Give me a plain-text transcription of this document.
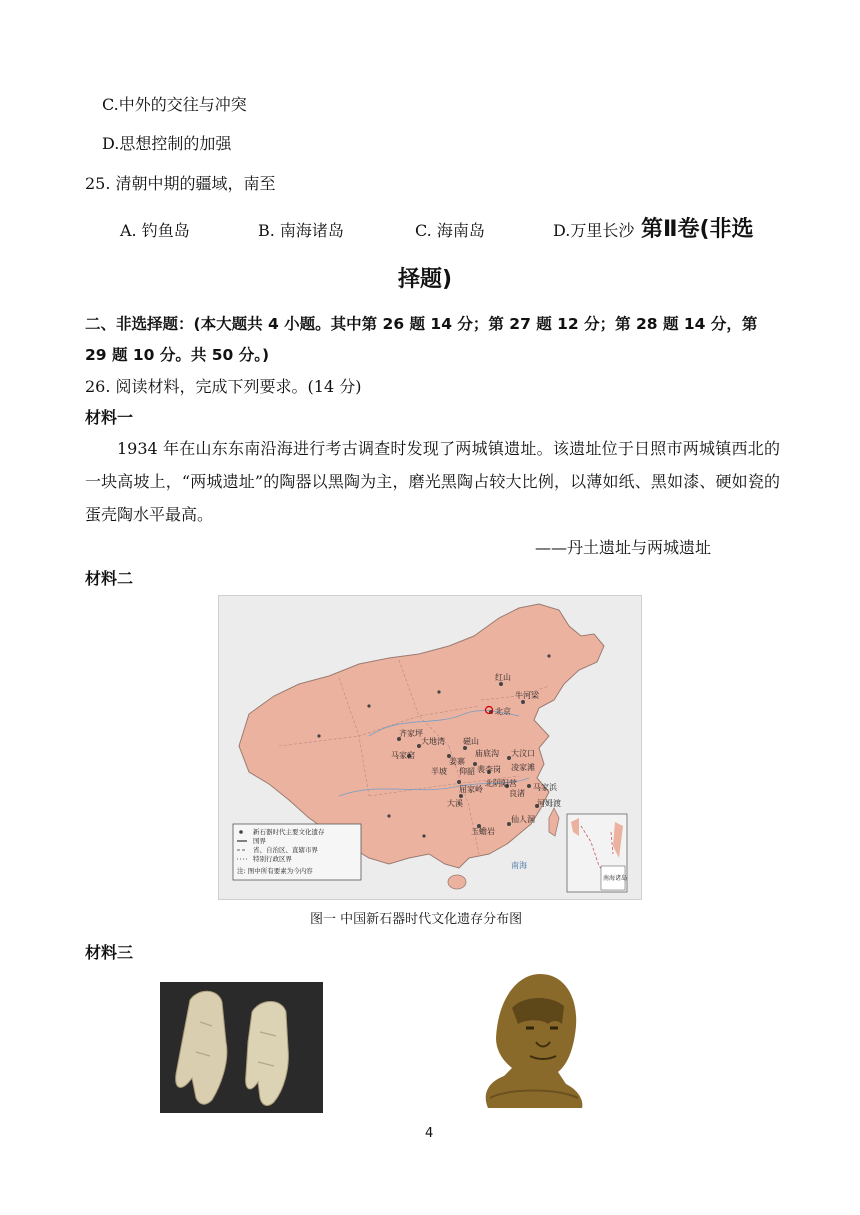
C.中外的交往与冲突
D.思想控制的加强
25. 清朝中期的疆域，南至
A. 钓鱼岛	B. 南海诸岛	C. 海南岛	D.万里长沙 第Ⅱ卷(非选
择题)
二、非选择题：(本大题共 4 小题。其中第 26 题 14 分；第 27 题 12 分；第 28 题 14 分，第
29 题 10 分。共 50 分。)
26. 阅读材料，完成下列要求。(14 分)
材料一
1934 年在山东东南沿海进行考古调查时发现了两城镇遗址。该遗址位于日照市两城镇西北的一块高坡上，“两城遗址”的陶器以黑陶为主，磨光黑陶占较大比例，以薄如纸、黑如漆、硬如瓷的蛋壳陶水平最高。
——丹土遗址与两城遗址
材料二
红山
牛河梁
北京
齐家坪
大地湾
马家窑
磁山
姜寨
半坡 仰韶 裴李岗
庙底沟 大汶口
凌家滩
屈家岭
北阴阳营 马家浜
良渚
河姆渡
大溪
仙人洞
玉蟾岩
南海
南海诸岛
新石器时代主要文化遗存
国界
省、自治区、直辖市界
特别行政区界
注: 图中所有要素为今内容
图一 中国新石器时代文化遗存分布图
材料三
4
